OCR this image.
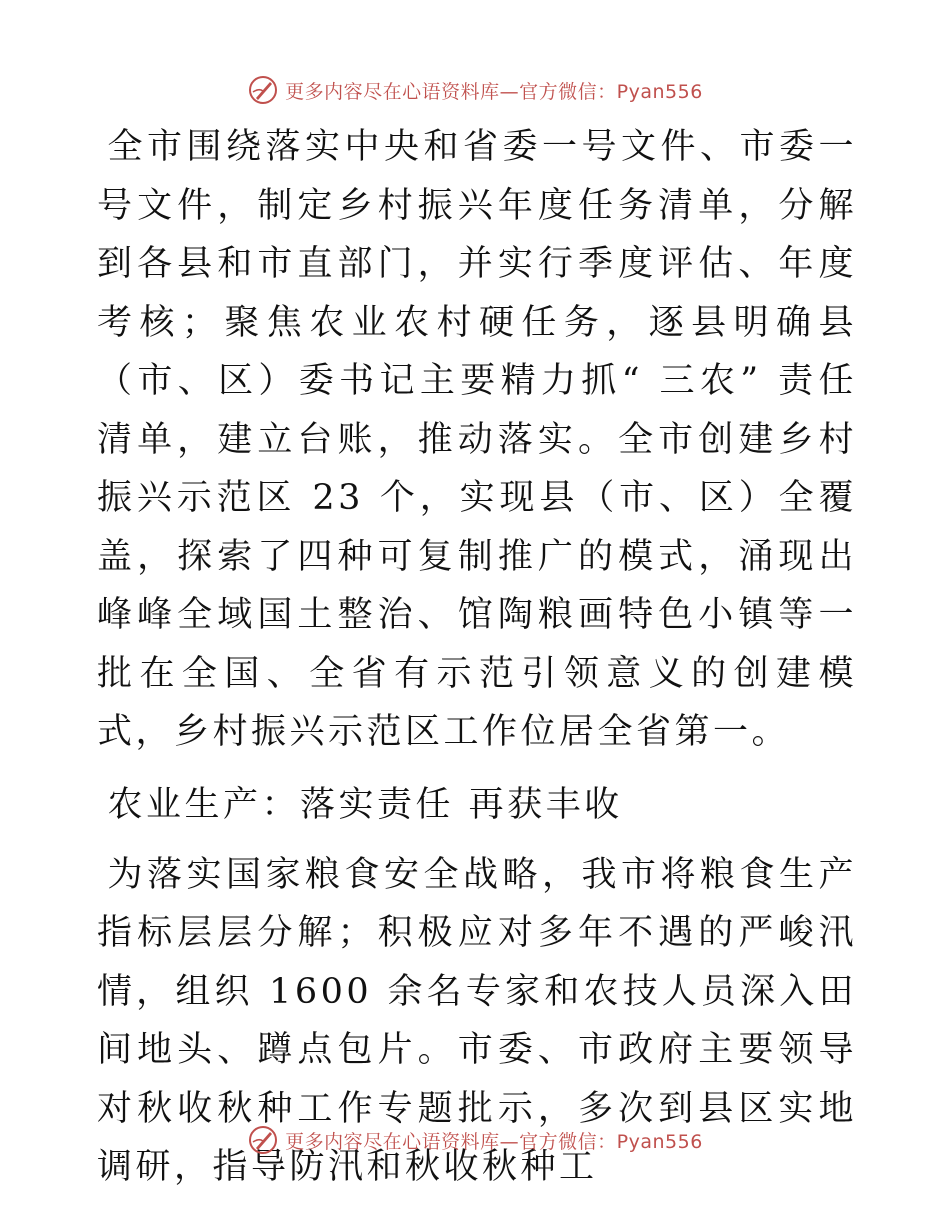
更多内容尽在心语资料库—官方微信：Pyan556

全市围绕落实中央和省委一号文件、市委一号文件，制定乡村振兴年度任务清单，分解到各县和市直部门，并实行季度评估、年度考核；聚焦农业农村硬任务，逐县明确县（市、区）委书记主要精力抓“ 三农” 责任清单，建立台账，推动落实。全市创建乡村振兴示范区 23 个，实现县（市、区）全覆盖，探索了四种可复制推广的模式，涌现出峰峰全域国土整治、馆陶粮画特色小镇等一批在全国、全省有示范引领意义的创建模式，乡村振兴示范区工作位居全省第一。

农业生产：落实责任 再获丰收

为落实国家粮食安全战略，我市将粮食生产指标层层分解；积极应对多年不遇的严峻汛情，组织 1600 余名专家和农技人员深入田间地头、蹲点包片。市委、市政府主要领导对秋收秋种工作专题批示，多次到县区实地调研，指导防汛和秋收秋种工

更多内容尽在心语资料库—官方微信：Pyan556
